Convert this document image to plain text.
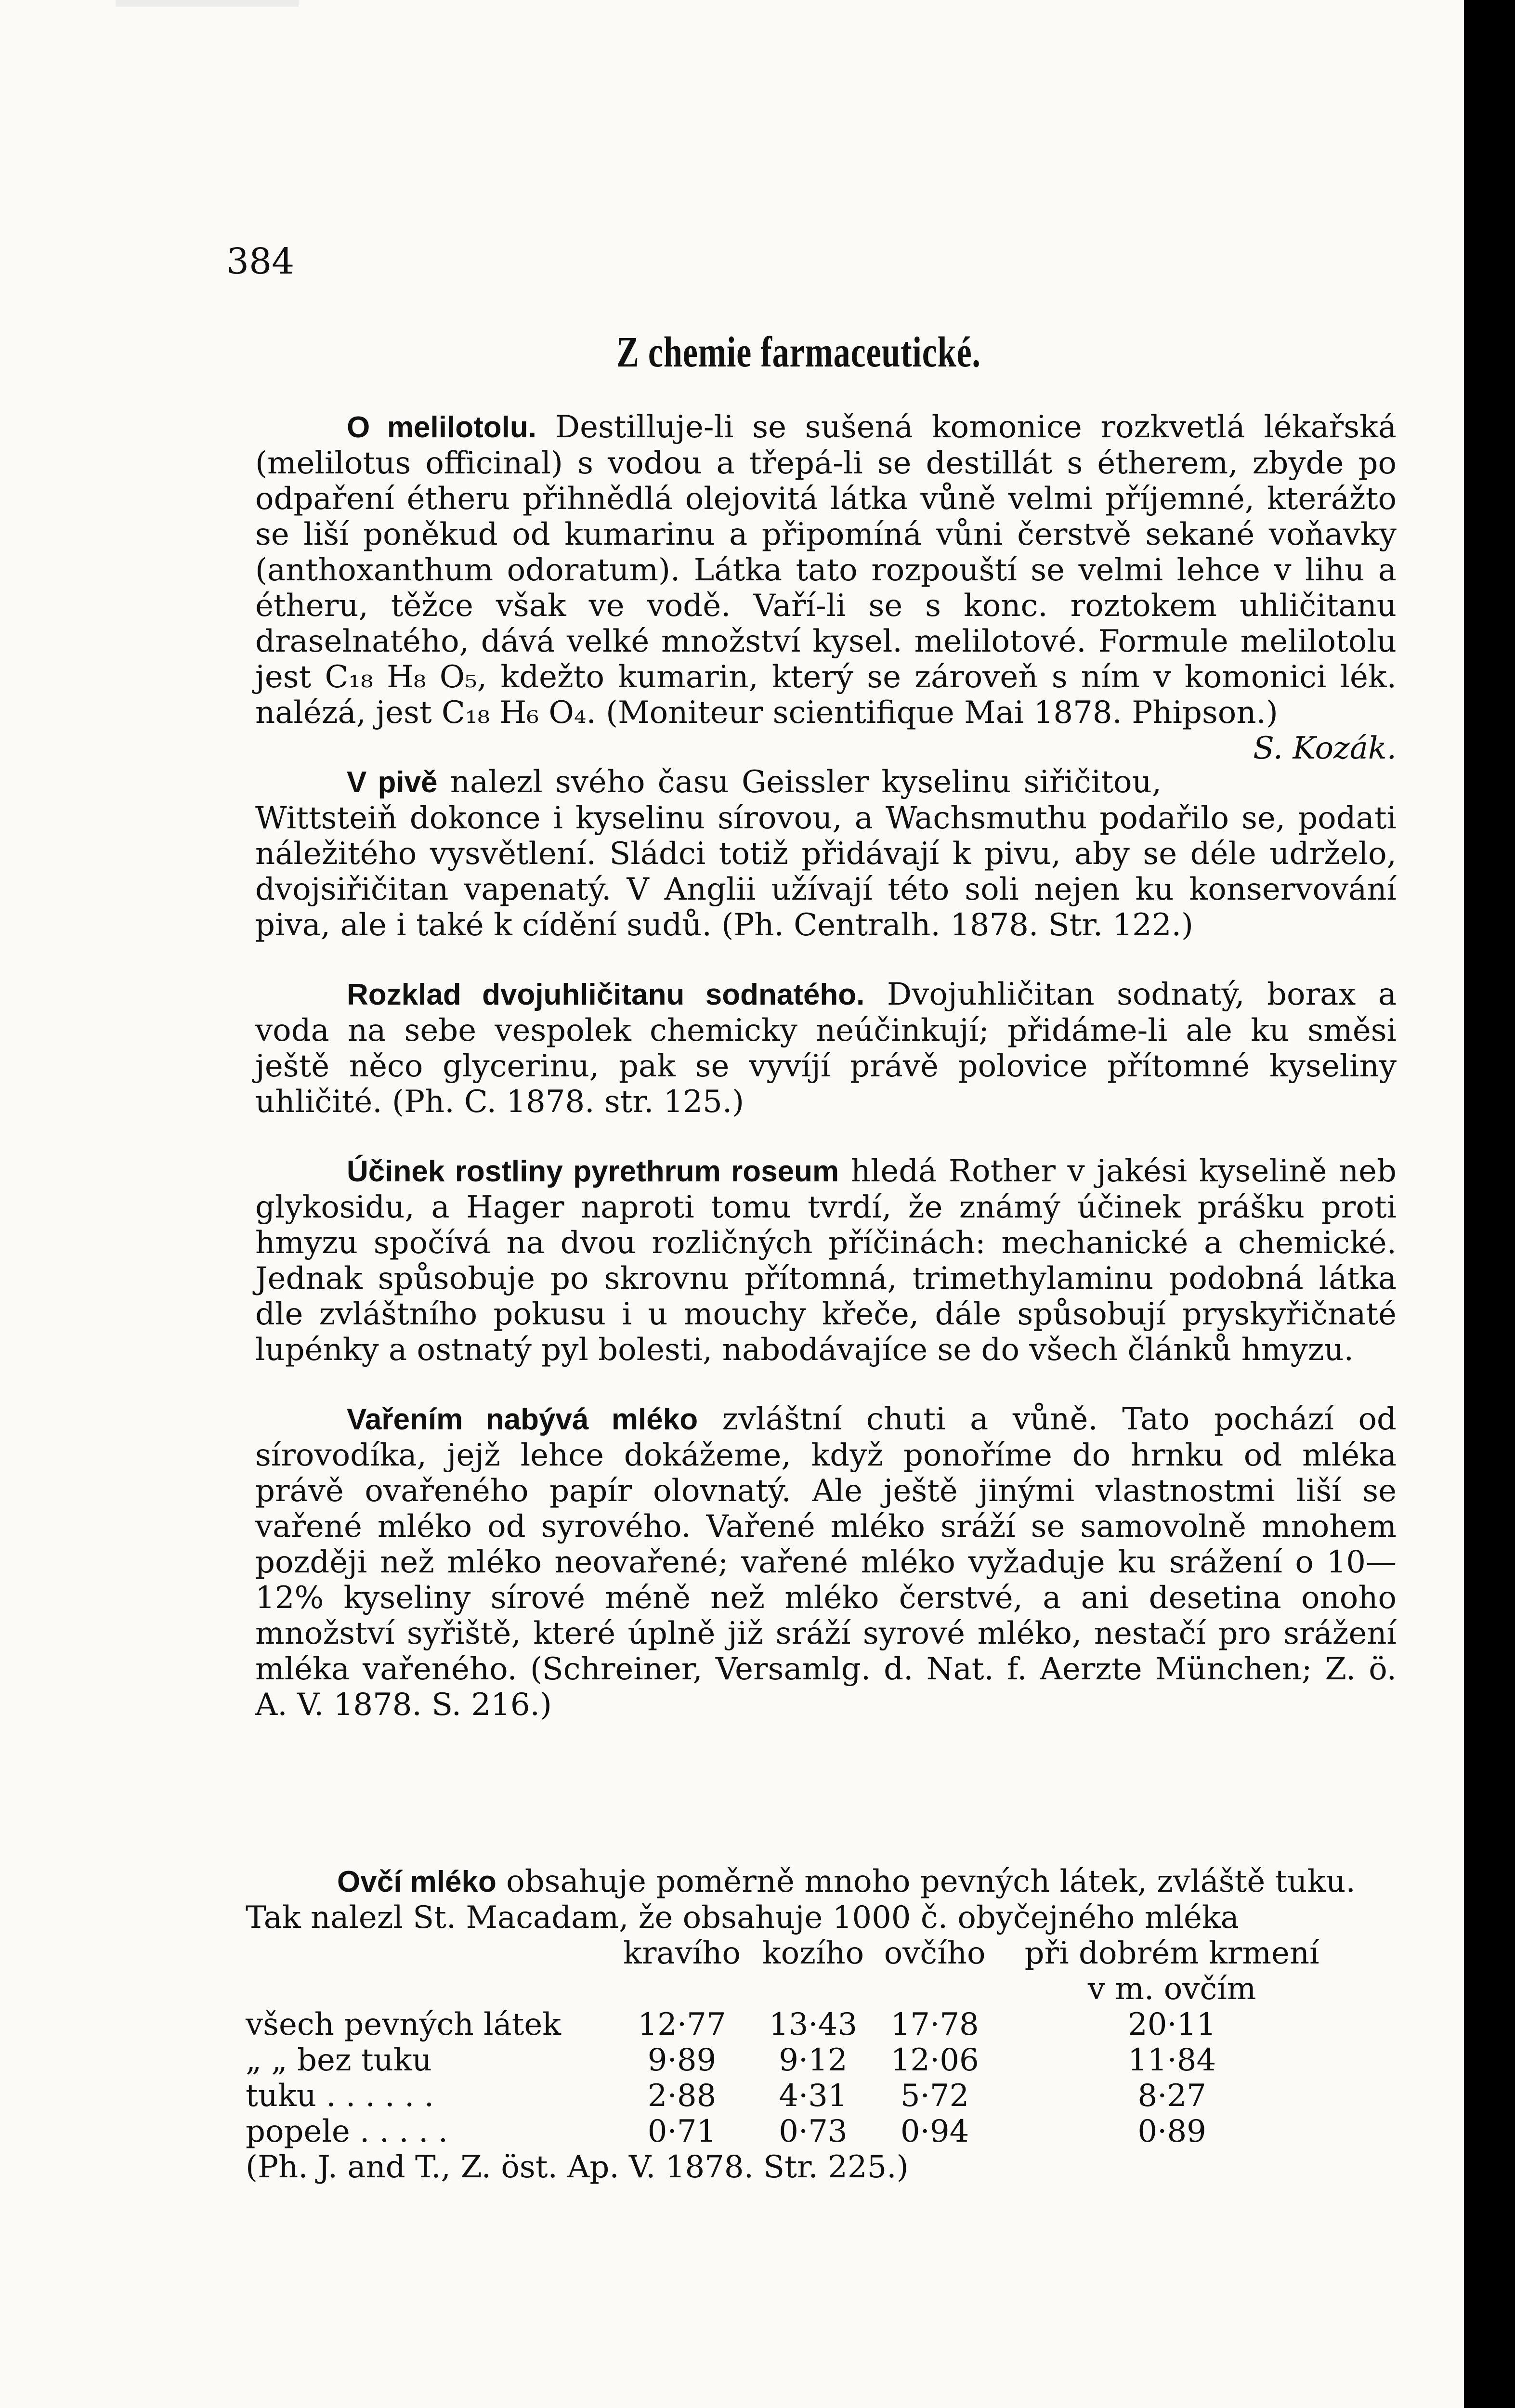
384
Z chemie farmaceutické.

O melilotolu. Destilluje-li se sušená komonice rozkvetlá lékařská (melilotus officinal) s vodou a třepá-li se destillát s étherem, zbyde po odpaření étheru přihnědlá olejovitá látka vůně velmi příjemné, kterážto se liší poněkud od kumarinu a připomíná vůni čerstvě sekané voňavky (anthoxanthum odoratum). Látka tato rozpouští se velmi lehce v lihu a étheru, těžce však ve vodě. Vaří-li se s konc. roztokem uhličitanu draselnatého, dává velké množství kysel. melilotové. Formule melilotolu jest C₁₈ H₈ O₅, kdežto kumarin, který se zároveň s ním v komonici lék. nalézá, jest C₁₈ H₆ O₄. (Moniteur scientifique Mai 1878. Phipson.)
S. Kozák.

V pivě nalezl svého času Geissler kyselinu siřičitou, Wittsteiň dokonce i kyselinu sírovou, a Wachsmuthu podařilo se, podati náležitého vysvětlení. Sládci totiž přidávají k pivu, aby se déle udrželo, dvojsiřičitan vapenatý. V Anglii užívají této soli nejen ku konservování piva, ale i také k cídění sudů. (Ph. Centralh. 1878. Str. 122.)

Rozklad dvojuhličitanu sodnatého. Dvojuhličitan sodnatý, borax a voda na sebe vespolek chemicky neúčinkují; přidáme-li ale ku směsi ještě něco glycerinu, pak se vyvíjí právě polovice přítomné kyseliny uhličité. (Ph. C. 1878. str. 125.)

Účinek rostliny pyrethrum roseum hledá Rother v jakési kyselině neb glykosidu, a Hager naproti tomu tvrdí, že známý účinek prášku proti hmyzu spočívá na dvou rozličných příčinách: mechanické a chemické. Jednak spůsobuje po skrovnu přítomná, trimethylaminu podobná látka dle zvláštního pokusu i u mouchy křeče, dále spůsobují pryskyřičnaté lupénky a ostnatý pyl bolesti, nabodávajíce se do všech článků hmyzu.

Vařením nabývá mléko zvláštní chuti a vůně. Tato pochází od sírovodíka, jejž lehce dokážeme, když ponoříme do hrnku od mléka právě ovařeného papír olovnatý. Ale ještě jinými vlastnostmi liší se vařené mléko od syrového. Vařené mléko sráží se samovolně mnohem později než mléko neovařené; vařené mléko vyžaduje ku srážení o 10—12% kyseliny sírové méně než mléko čerstvé, a ani desetina onoho množství syřiště, které úplně již sráží syrové mléko, nestačí pro srážení mléka vařeného. (Schreiner, Versamlg. d. Nat. f. Aerzte München; Z. ö. A. V. 1878. S. 216.)

Ovčí mléko obsahuje poměrně mnoho pevných látek, zvláště tuku. Tak nalezl St. Macadam, že obsahuje 1000 č. obyčejného mléka

	kravího	kozího	ovčího	při dobrém krmení
				v m. ovčím
všech pevných látek	12·77	13·43	17·78	20·11
„ „ bez tuku	9·89	9·12	12·06	11·84
tuku . . . . . .	2·88	4·31	5·72	8·27
popele . . . . .	0·71	0·73	0·94	0·89
(Ph. J. and T., Z. öst. Ap. V. 1878. Str. 225.)
